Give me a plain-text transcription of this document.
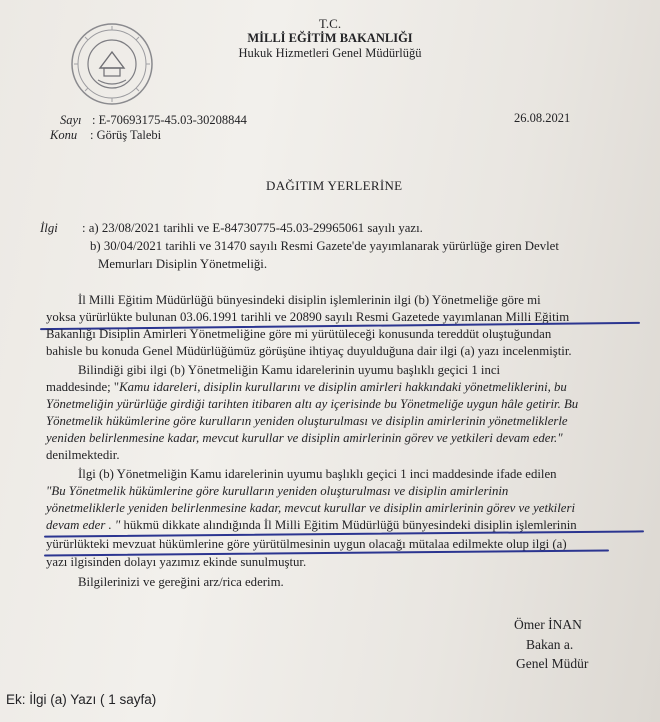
T.C.
MİLLİ EĞİTİM BAKANLIĞI
Hukuk Hizmetleri Genel Müdürlüğü
Sayı : E-70693175-45.03-30208844	26.08.2021
Konu : Görüş Talebi
DAĞITIM YERLERİNE
İlgi : a) 23/08/2021 tarihli ve E-84730775-45.03-29965061 sayılı yazı.
b) 30/04/2021 tarihli ve 31470 sayılı Resmi Gazete'de yayımlanarak yürürlüğe giren Devlet
Memurları Disiplin Yönetmeliği.
İl Milli Eğitim Müdürlüğü bünyesindeki disiplin işlemlerinin ilgi (b) Yönetmeliğe göre mi
yoksa yürürlükte bulunan 03.06.1991 tarihli ve 20890 sayılı Resmi Gazetede yayımlanan Milli Eğitim
Bakanlığı Disiplin Amirleri Yönetmeliğine göre mi yürütüleceği konusunda tereddüt oluştuğundan
bahisle bu konuda Genel Müdürlüğümüz görüşüne ihtiyaç duyulduğuna dair ilgi (a) yazı incelenmiştir.
Bilindiği gibi ilgi (b) Yönetmeliğin Kamu idarelerinin uyumu başlıklı geçici 1 inci
maddesinde; "Kamu idareleri, disiplin kurullarını ve disiplin amirleri hakkındaki yönetmeliklerini, bu
Yönetmeliğin yürürlüğe girdiği tarihten itibaren altı ay içerisinde bu Yönetmeliğe uygun hâle getirir. Bu
Yönetmelik hükümlerine göre kurulların yeniden oluşturulması ve disiplin amirlerinin yönetmeliklerle
yeniden belirlenmesine kadar, mevcut kurullar ve disiplin amirlerinin görev ve yetkileri devam eder."
denilmektedir.
İlgi (b) Yönetmeliğin Kamu idarelerinin uyumu başlıklı geçici 1 inci maddesinde ifade edilen
"Bu Yönetmelik hükümlerine göre kurulların yeniden oluşturulması ve disiplin amirlerinin
yönetmeliklerle yeniden belirlenmesine kadar, mevcut kurullar ve disiplin amirlerinin görev ve yetkileri
devam eder . " hükmü dikkate alındığında İl Milli Eğitim Müdürlüğü bünyesindeki disiplin işlemlerinin
yürürlükteki mevzuat hükümlerine göre yürütülmesinin uygun olacağı mütalaa edilmekte olup ilgi (a)
yazı ilgisinden dolayı yazımız ekinde sunulmuştur.
Bilgilerinizi ve gereğini arz/rica ederim.
Ömer İNAN
Bakan a.
Genel Müdür
Ek: İlgi (a) Yazı ( 1 sayfa)
